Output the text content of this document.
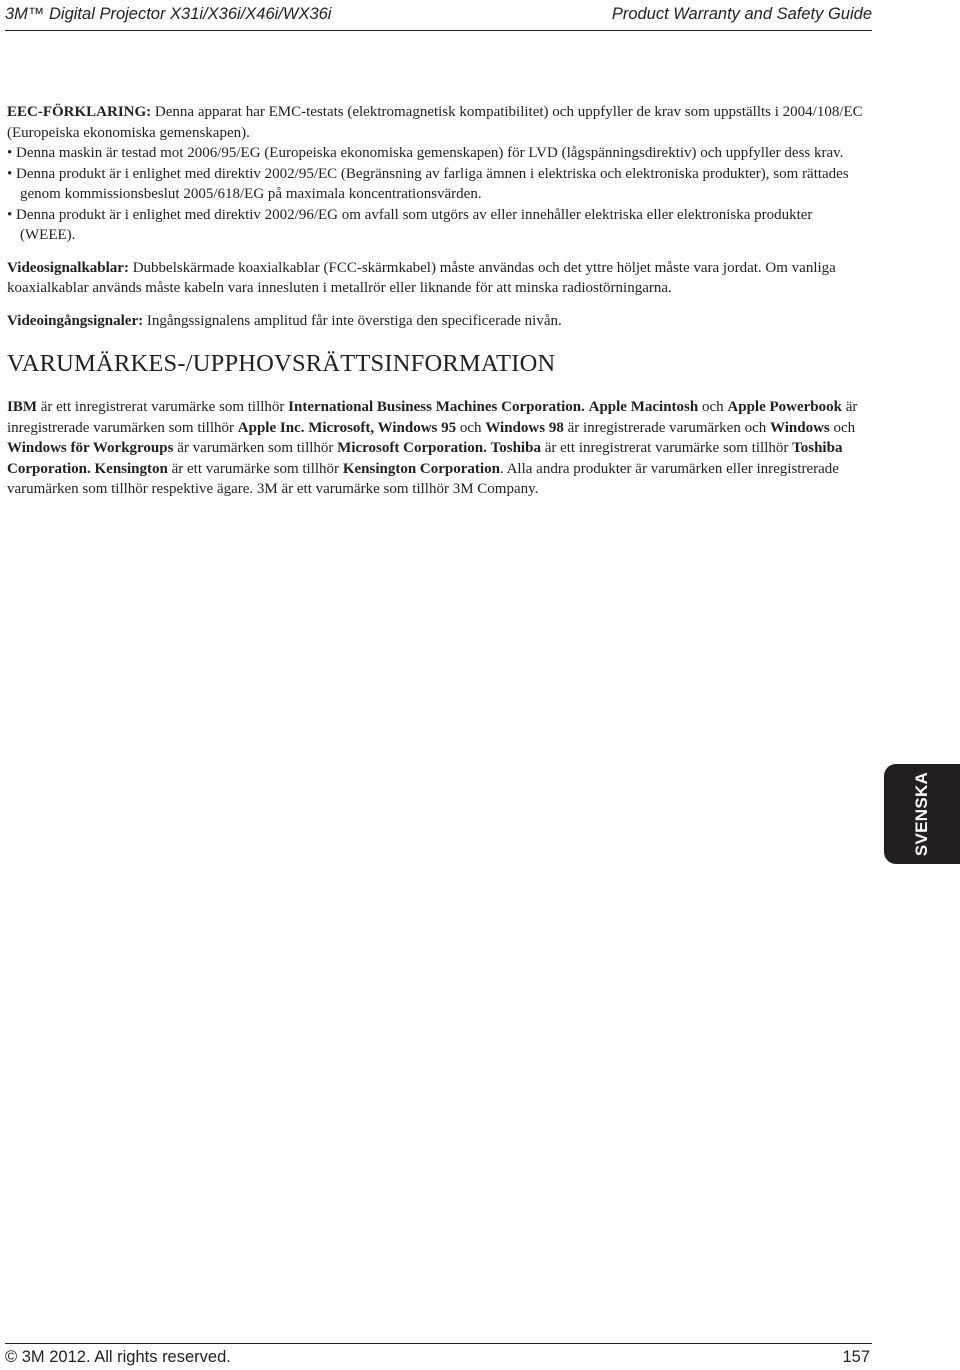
3M™ Digital Projector X31i/X36i/X46i/WX36i	Product Warranty and Safety Guide

EEC-FÖRKLARING: Denna apparat har EMC-testats (elektromagnetisk kompatibilitet) och uppfyller de krav som uppställts i 2004/108/EC (Europeiska ekonomiska gemenskapen).

• Denna maskin är testad mot 2006/95/EG (Europeiska ekonomiska gemenskapen) för LVD (lågspänningsdirektiv) och uppfyller dess krav.

• Denna produkt är i enlighet med direktiv 2002/95/EC (Begränsning av farliga ämnen i elektriska och elektroniska produkter), som rättades genom kommissionsbeslut 2005/618/EG på maximala koncentrationsvärden.

• Denna produkt är i enlighet med direktiv 2002/96/EG om avfall som utgörs av eller innehåller elektriska eller elektroniska produkter (WEEE).

Videosignalkablar: Dubbelskärmade koaxialkablar (FCC-skärmkabel) måste användas och det yttre höljet måste vara jordat. Om vanliga koaxialkablar används måste kabeln vara innesluten i metallrör eller liknande för att minska radiostörningarna.

Videoingångsignaler: Ingångssignalens amplitud får inte överstiga den specificerade nivån.

VARUMÄRKES-/UPPHOVSRÄTTSINFORMATION

IBM är ett inregistrerat varumärke som tillhör International Business Machines Corporation. Apple Macintosh och Apple Powerbook är inregistrerade varumärken som tillhör Apple Inc. Microsoft, Windows 95 och Windows 98 är inregistrerade varumärken och Windows och Windows för Workgroups är varumärken som tillhör Microsoft Corporation. Toshiba är ett inregistrerat varumärke som tillhör Toshiba Corporation. Kensington är ett varumärke som tillhör Kensington Corporation. Alla andra produkter är varumärken eller inregistrerade varumärken som tillhör respektive ägare. 3M är ett varumärke som tillhör 3M Company.

SVENSKA
© 3M 2012. All rights reserved.	157
